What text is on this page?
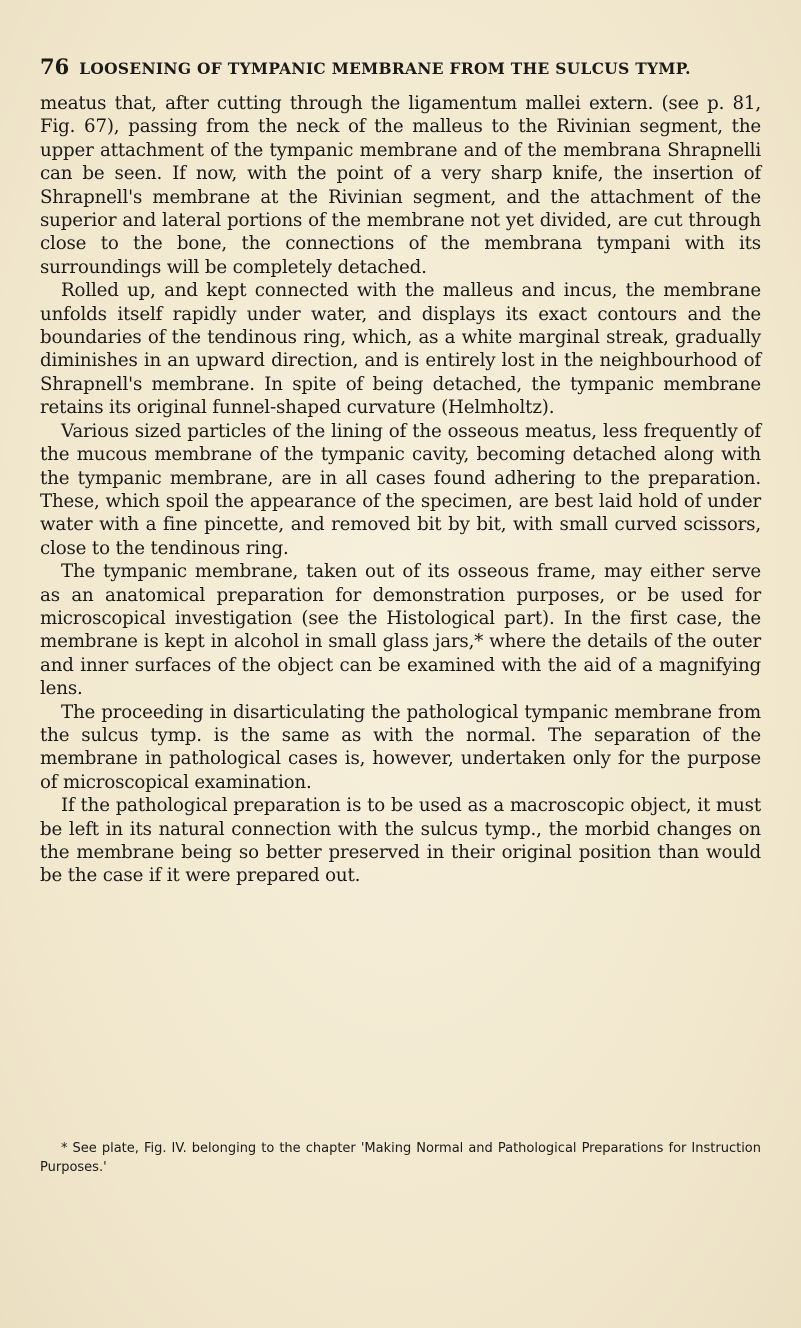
76 LOOSENING OF TYMPANIC MEMBRANE FROM THE SULCUS TYMP.

meatus that, after cutting through the ligamentum mallei extern. (see p. 81, Fig. 67), passing from the neck of the malleus to the Rivinian segment, the upper attachment of the tympanic membrane and of the membrana Shrapnelli can be seen. If now, with the point of a very sharp knife, the insertion of Shrapnell's membrane at the Rivinian segment, and the attachment of the superior and lateral portions of the membrane not yet divided, are cut through close to the bone, the connections of the membrana tympani with its surroundings will be completely detached.

Rolled up, and kept connected with the malleus and incus, the membrane unfolds itself rapidly under water, and displays its exact contours and the boundaries of the tendinous ring, which, as a white marginal streak, gradually diminishes in an upward direction, and is entirely lost in the neighbourhood of Shrapnell's membrane. In spite of being detached, the tympanic membrane retains its original funnel-shaped curvature (Helmholtz).

Various sized particles of the lining of the osseous meatus, less frequently of the mucous membrane of the tympanic cavity, becoming detached along with the tympanic membrane, are in all cases found adhering to the preparation. These, which spoil the appearance of the specimen, are best laid hold of under water with a fine pincette, and removed bit by bit, with small curved scissors, close to the tendinous ring.

The tympanic membrane, taken out of its osseous frame, may either serve as an anatomical preparation for demonstration purposes, or be used for microscopical investigation (see the Histological part). In the first case, the membrane is kept in alcohol in small glass jars,* where the details of the outer and inner surfaces of the object can be examined with the aid of a magnifying lens.

The proceeding in disarticulating the pathological tympanic membrane from the sulcus tymp. is the same as with the normal. The separation of the membrane in pathological cases is, however, undertaken only for the purpose of microscopical examination.

If the pathological preparation is to be used as a macroscopic object, it must be left in its natural connection with the sulcus tymp., the morbid changes on the membrane being so better preserved in their original position than would be the case if it were prepared out.

* See plate, Fig. IV. belonging to the chapter 'Making Normal and Pathological Preparations for Instruction Purposes.'
